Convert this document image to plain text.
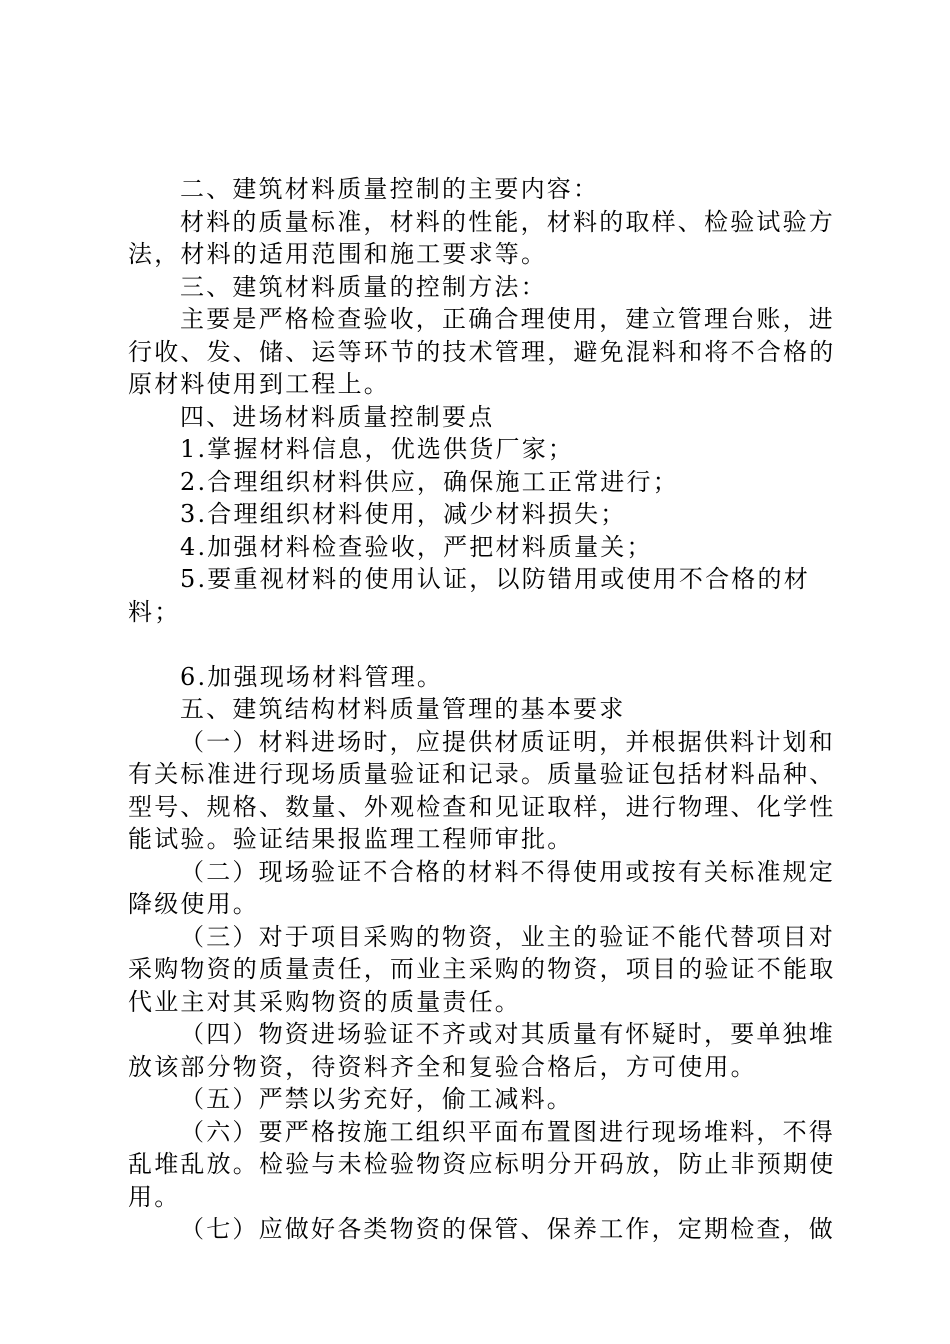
二、建筑材料质量控制的主要内容：

材料的质量标准，材料的性能，材料的取样、检验试验方法，材料的适用范围和施工要求等。

三、建筑材料质量的控制方法：

主要是严格检查验收，正确合理使用，建立管理台账，进行收、发、储、运等环节的技术管理，避免混料和将不合格的原材料使用到工程上。

四、进场材料质量控制要点

1.掌握材料信息，优选供货厂家；

2.合理组织材料供应，确保施工正常进行；

3.合理组织材料使用，减少材料损失；

4.加强材料检查验收，严把材料质量关；

5.要重视材料的使用认证，以防错用或使用不合格的材料；

6.加强现场材料管理。

五、建筑结构材料质量管理的基本要求

（一）材料进场时，应提供材质证明，并根据供料计划和有关标准进行现场质量验证和记录。质量验证包括材料品种、型号、规格、数量、外观检查和见证取样，进行物理、化学性能试验。验证结果报监理工程师审批。

（二）现场验证不合格的材料不得使用或按有关标准规定降级使用。

（三）对于项目采购的物资，业主的验证不能代替项目对采购物资的质量责任，而业主采购的物资，项目的验证不能取代业主对其采购物资的质量责任。

（四）物资进场验证不齐或对其质量有怀疑时，要单独堆放该部分物资，待资料齐全和复验合格后，方可使用。

（五）严禁以劣充好，偷工减料。

（六）要严格按施工组织平面布置图进行现场堆料，不得乱堆乱放。检验与未检验物资应标明分开码放，防止非预期使用。

（七）应做好各类物资的保管、保养工作，定期检查，做
